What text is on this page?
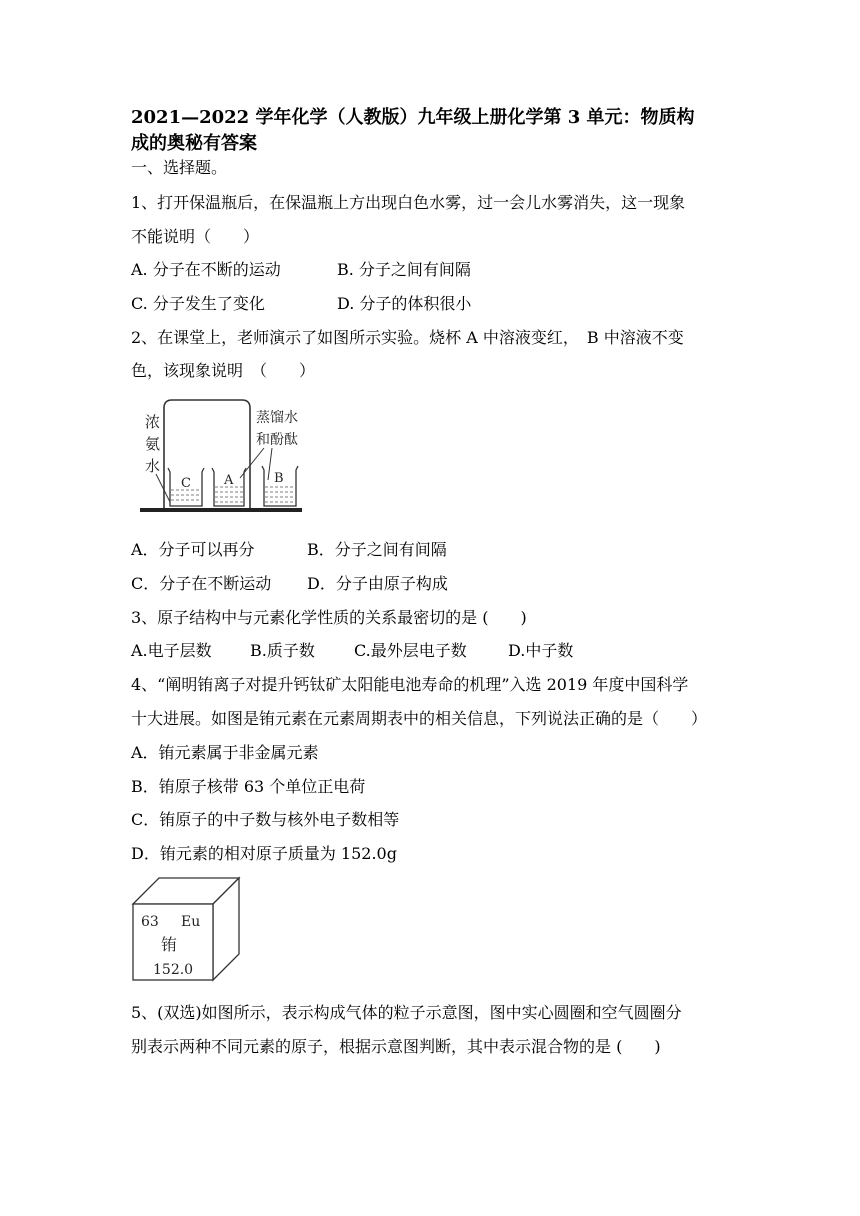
2021—2022 学年化学（人教版）九年级上册化学第 3 单元：物质构
成的奥秘有答案
一、选择题。
1、打开保温瓶后，在保温瓶上方出现白色水雾，过一会儿水雾消失，这一现象
不能说明（　　）
A. 分子在不断的运动	B. 分子之间有间隔
C. 分子发生了变化	D. 分子的体积很小
2、在课堂上，老师演示了如图所示实验。烧杯 A 中溶液变红，　B 中溶液不变
色，该现象说明　（　　）
浓
氨
水
C	A	B
蒸馏水
和酚酞
A．分子可以再分	B．分子之间有间隔
C．分子在不断运动 D．分子由原子构成
3、原子结构中与元素化学性质的关系最密切的是 (　　)
A.电子层数 B.质子数 C.最外层电子数	D.中子数
4、“阐明铕离子对提升钙钛矿太阳能电池寿命的机理”入选 2019 年度中国科学
十大进展。如图是铕元素在元素周期表中的相关信息，下列说法正确的是（　　）
A．铕元素属于非金属元素
B．铕原子核带 63 个单位正电荷
C．铕原子的中子数与核外电子数相等
D．铕元素的相对原子质量为 152.0g
63 Eu
铕
152.0
5、(双选)如图所示，表示构成气体的粒子示意图，图中实心圆圈和空气圆圈分
别表示两种不同元素的原子，根据示意图判断，其中表示混合物的是 (　　)
